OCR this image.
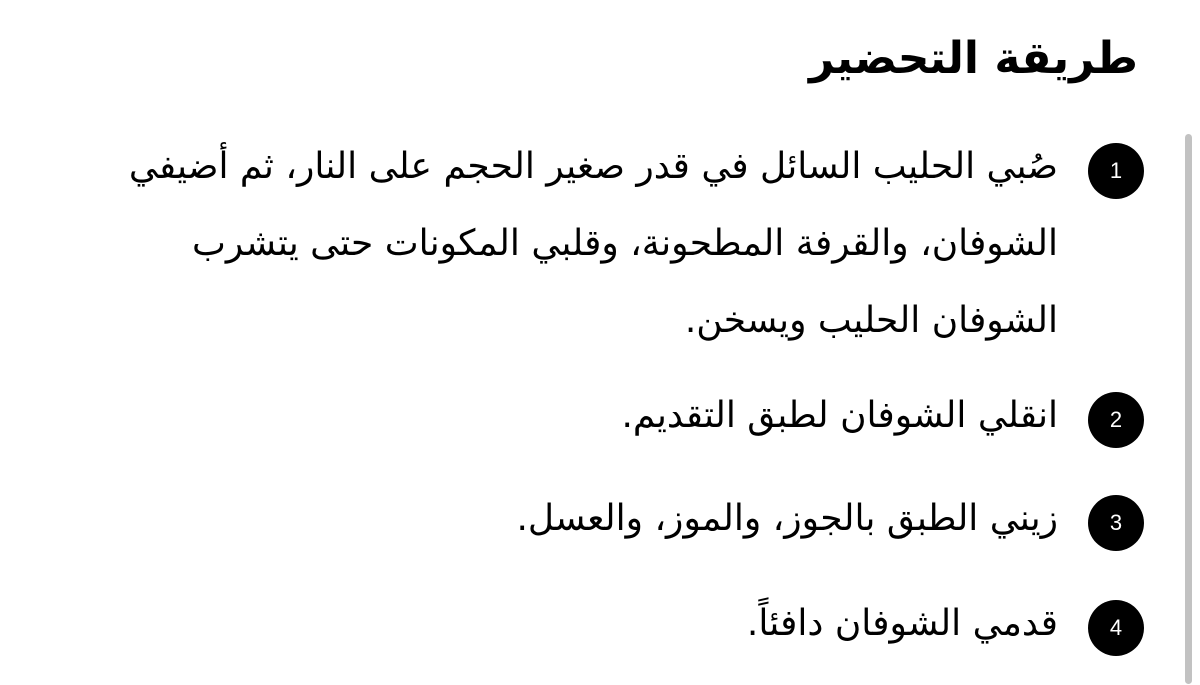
طريقة التحضير
1
صُبي الحليب السائل في قدر صغير الحجم على النار، ثم أضيفي الشوفان، والقرفة المطحونة، وقلبي المكونات حتى يتشرب الشوفان الحليب ويسخن.
2
انقلي الشوفان لطبق التقديم.
3
زيني الطبق بالجوز، والموز، والعسل.
4
قدمي الشوفان دافئاً.
